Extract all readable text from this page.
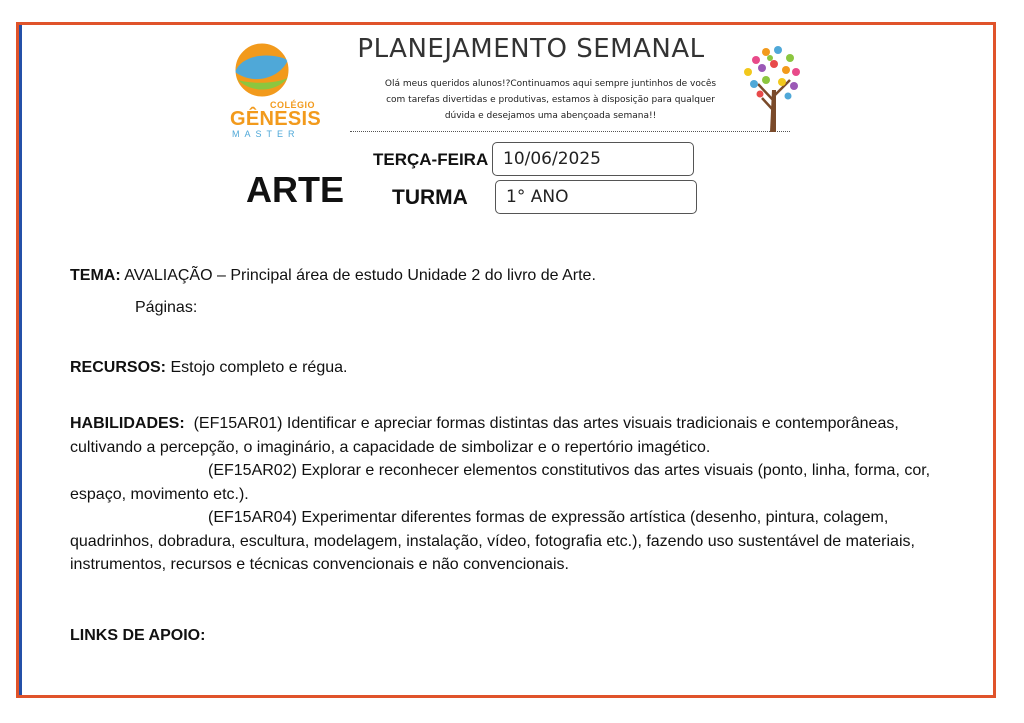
COLÉGIO
GÊNESIS
MASTER
PLANEJAMENTO SEMANAL
Olá meus queridos alunos!?Continuamos aqui sempre juntinhos de vocês com tarefas divertidas e produtivas, estamos à disposição para qualquer dúvida e desejamos uma abençoada semana!!
ARTE
TERÇA-FEIRA 10/06/2025
TURMA	1° ANO
TEMA: AVALIAÇÃO – Principal área de estudo Unidade 2 do livro de Arte.
Páginas:
RECURSOS: Estojo completo e régua.

HABILIDADES: (EF15AR01) Identificar e apreciar formas distintas das artes visuais tradicionais e contemporâneas, cultivando a percepção, o imaginário, a capacidade de simbolizar e o repertório imagético.

(EF15AR02) Explorar e reconhecer elementos constitutivos das artes visuais (ponto, linha, forma, cor, espaço, movimento etc.).

(EF15AR04) Experimentar diferentes formas de expressão artística (desenho, pintura, colagem, quadrinhos, dobradura, escultura, modelagem, instalação, vídeo, fotografia etc.), fazendo uso sustentável de materiais, instrumentos, recursos e técnicas convencionais e não convencionais.

LINKS DE APOIO:
